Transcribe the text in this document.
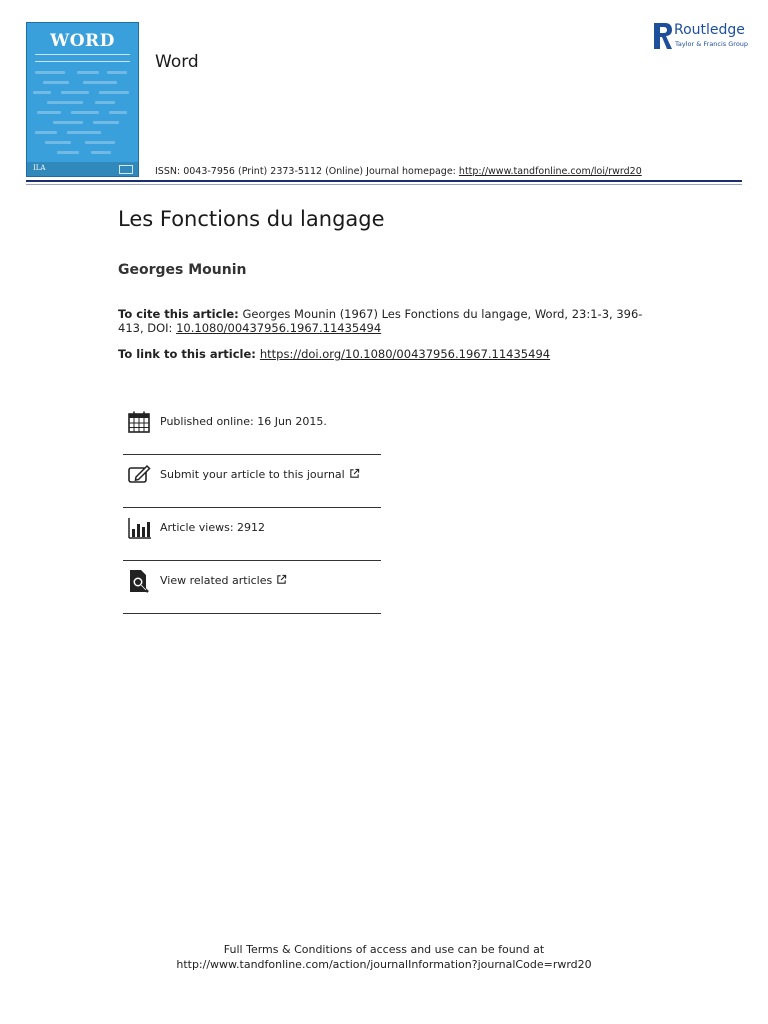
WORD
ILA
Word
ISSN: 0043-7956 (Print) 2373-5112 (Online) Journal homepage: http://www.tandfonline.com/loi/rwrd20
Routledge
Taylor & Francis Group
Les Fonctions du langage
Georges Mounin
To cite this article: Georges Mounin (1967) Les Fonctions du langage, Word, 23:1-3, 396-413, DOI: 10.1080/00437956.1967.11435494
To link to this article: https://doi.org/10.1080/00437956.1967.11435494
Published online: 16 Jun 2015.
Submit your article to this journal
Article views: 2912
View related articles
Full Terms & Conditions of access and use can be found at
http://www.tandfonline.com/action/journalInformation?journalCode=rwrd20
